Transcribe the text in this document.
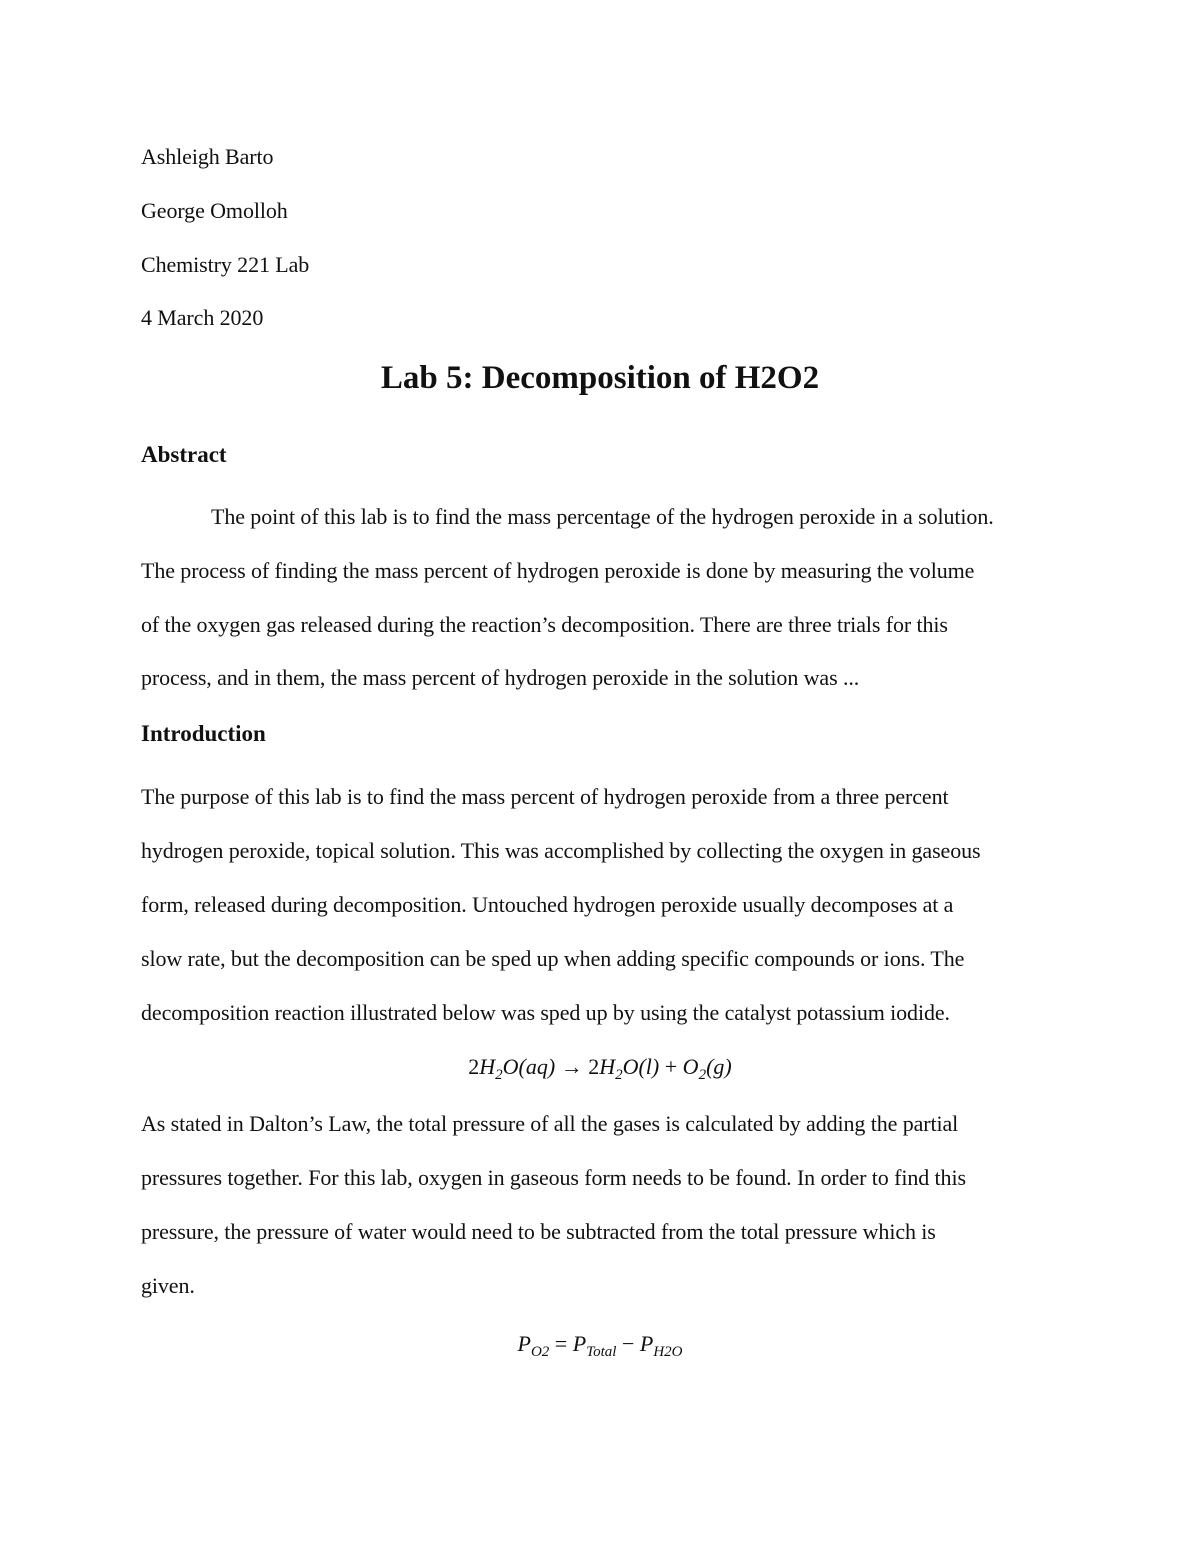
Ashleigh Barto
George Omolloh
Chemistry 221 Lab
4 March 2020
Lab 5: Decomposition of H2O2
Abstract
The point of this lab is to find the mass percentage of the hydrogen peroxide in a solution.
The process of finding the mass percent of hydrogen peroxide is done by measuring the volume
of the oxygen gas released during the reaction’s decomposition. There are three trials for this
process, and in them, the mass percent of hydrogen peroxide in the solution was ...
Introduction
The purpose of this lab is to find the mass percent of hydrogen peroxide from a three percent
hydrogen peroxide, topical solution. This was accomplished by collecting the oxygen in gaseous
form, released during decomposition. Untouched hydrogen peroxide usually decomposes at a
slow rate, but the decomposition can be sped up when adding specific compounds or ions. The
decomposition reaction illustrated below was sped up by using the catalyst potassium iodide.
$2H_2O(aq) \to 2H_2O(l) + O_2(g)$
As stated in Dalton’s Law, the total pressure of all the gases is calculated by adding the partial
pressures together. For this lab, oxygen in gaseous form needs to be found. In order to find this
pressure, the pressure of water would need to be subtracted from the total pressure which is
given.
$P_{O2} = P_{Total} - P_{H2O}$
